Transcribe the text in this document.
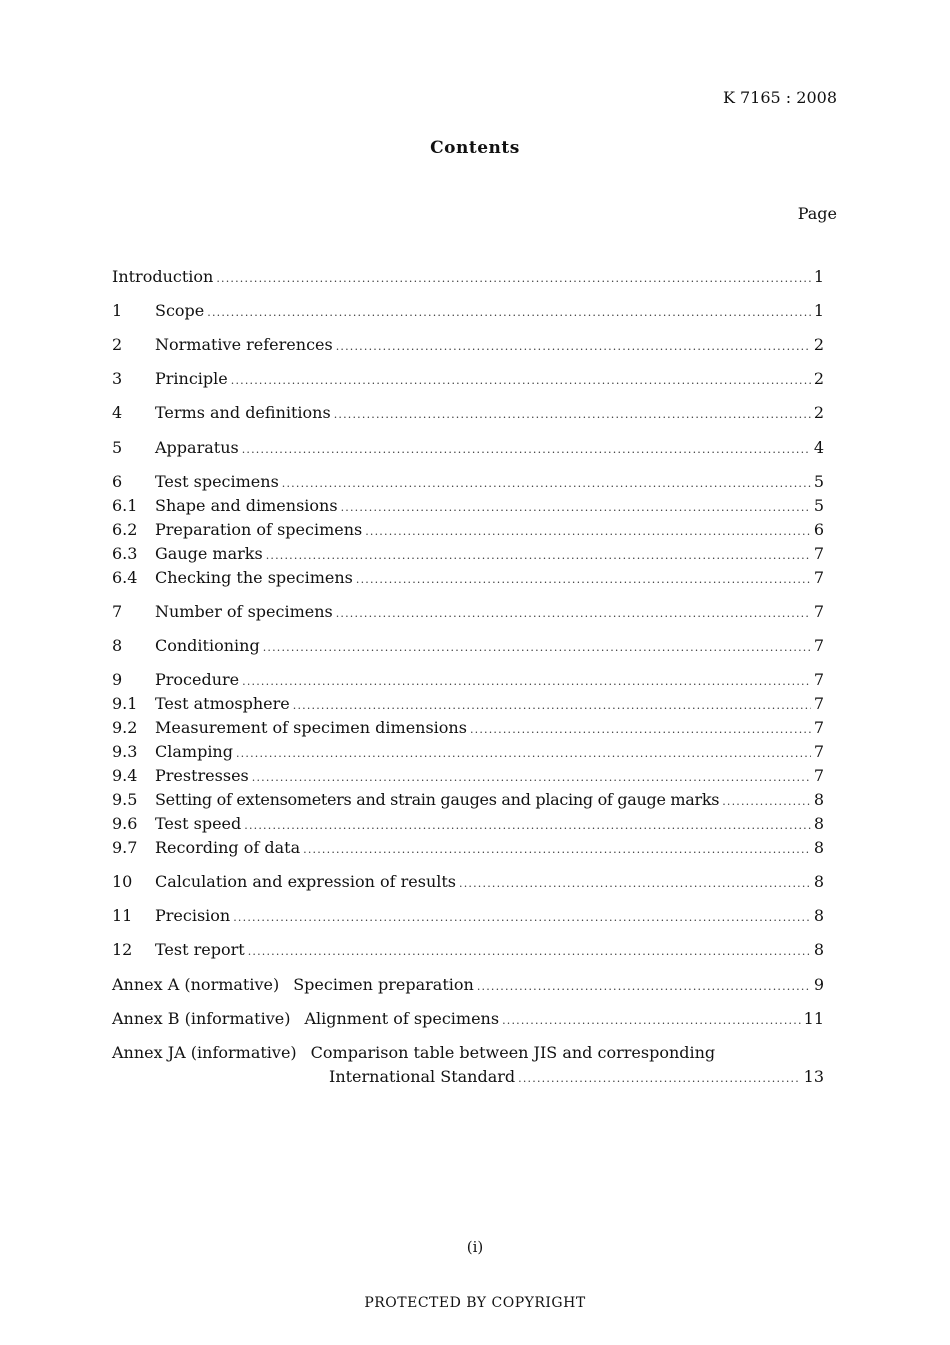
K 7165 : 2008
Contents
Page
Introduction .....	1
1 Scope .....	1
2 Normative references .....	2
3 Principle .....	2
4 Terms and definitions .....	2
5 Apparatus .....	4
6 Test specimens .....	5
6.1 Shape and dimensions .....	5
6.2 Preparation of specimens .....	6
6.3 Gauge marks .....	7
6.4 Checking the specimens .....	7
7 Number of specimens .....	7
8 Conditioning .....	7
9 Procedure .....	7
9.1 Test atmosphere .....	7
9.2 Measurement of specimen dimensions .....	7
9.3 Clamping .....	7
9.4 Prestresses .....	7
9.5 Setting of extensometers and strain gauges and placing of gauge marks .....	8
9.6 Test speed .....	8
9.7 Recording of data .....	8
10 Calculation and expression of results .....	8
11 Precision .....	8
12 Test report .....	8
Annex A (normative) Specimen preparation .....	9
Annex B (informative) Alignment of specimens .....	11
Annex JA (informative) Comparison table between JIS and corresponding
International Standard .....	13
(i)
PROTECTED BY COPYRIGHT
